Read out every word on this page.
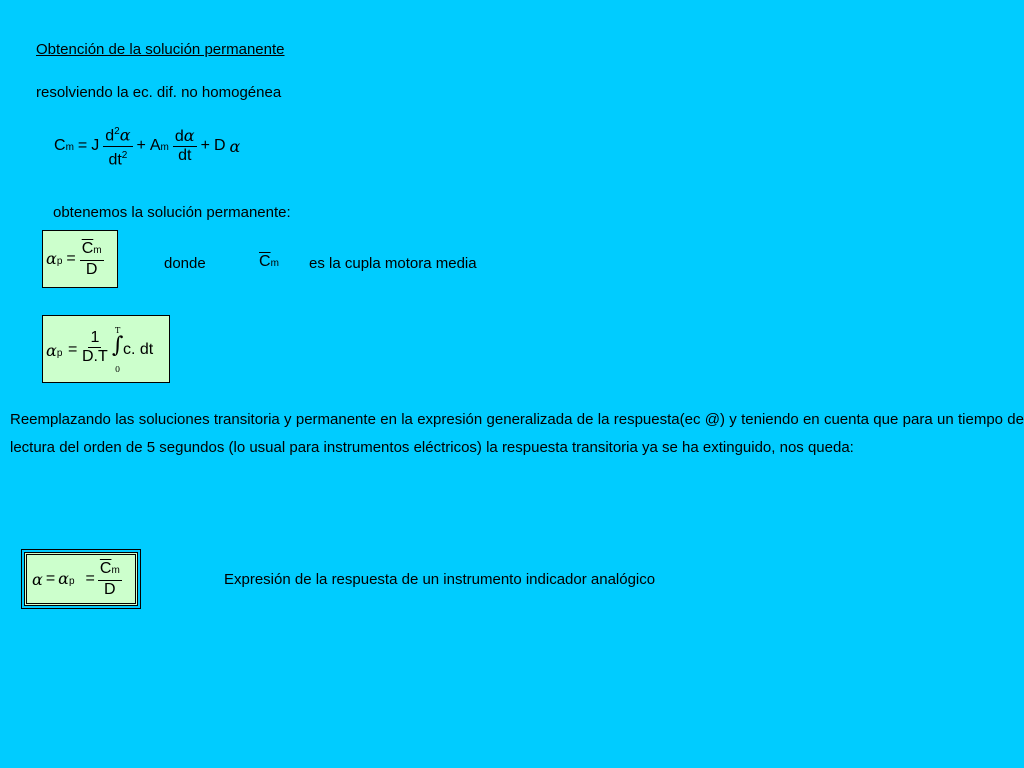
Obtención de la solución permanente
resolviendo la ec. dif. no homogénea
Cm = J $\frac{d^2\alpha}{dt^2} + Am \frac{d\alpha}{dt} + D$ α
obtenemos la solución permanente:
$\alpha p = \frac{\overline{C}m}{D}$	donde	$\overline{C}m$ es la cupla motora media
$\alpha p = \frac{1}{D.T}$ T
∫
0
c. dt
Reemplazando las soluciones transitoria y permanente en la expresión generalizada de la respuesta(ec @) y teniendo en cuenta que para un tiempo de lectura del orden de 5 segundos (lo usual para instrumentos eléctricos) la respuesta transitoria ya se ha extinguido, nos queda:
$\alpha = \alpha p = \frac{\overline{C}m}{D}$	Expresión de la respuesta de un instrumento indicador analógico
